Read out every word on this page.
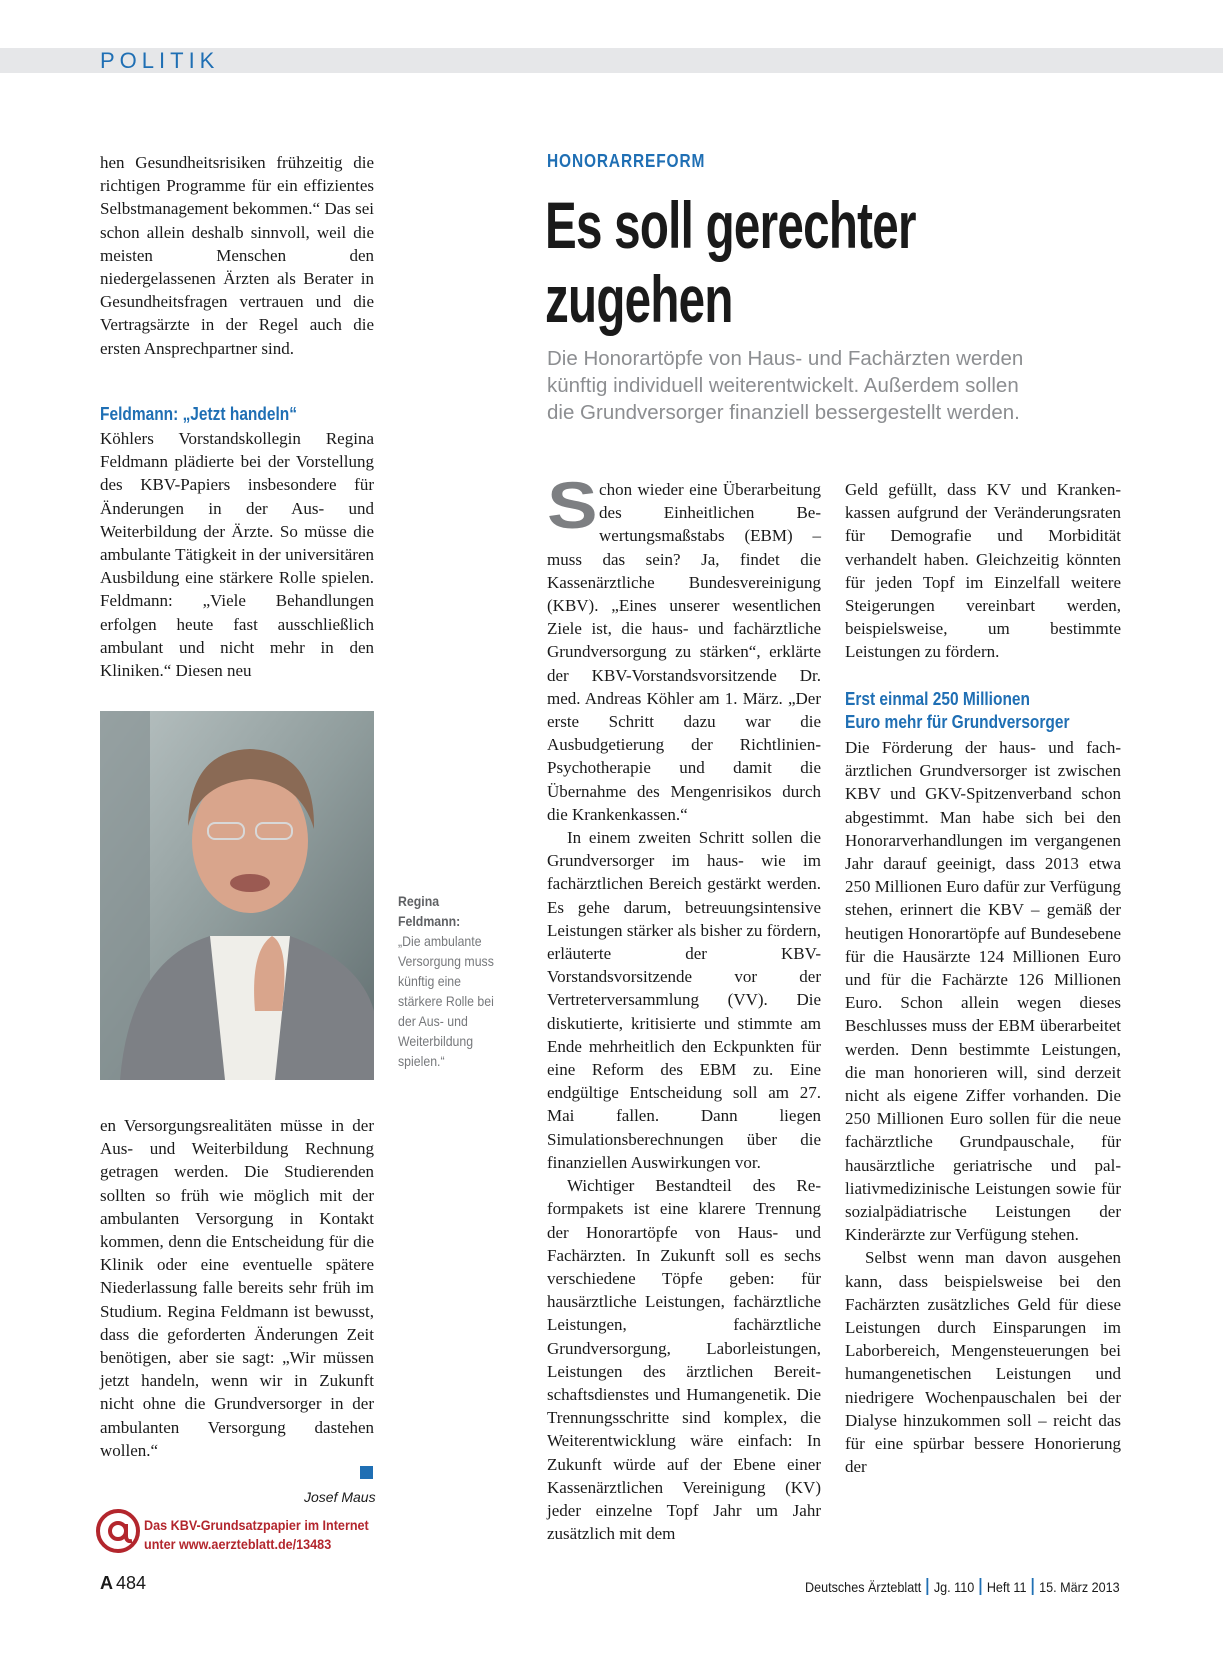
POLITIK

hen Gesundheitsrisiken frühzeitig die richtigen Programme für ein effizientes Selbstmanagement bekommen.“ Das sei schon allein deshalb sinnvoll, weil die meisten Menschen den niedergelassenen Ärzten als Berater in Gesundheitsfragen vertrauen und die Vertragsärzte in der Regel auch die ersten Ansprechpartner sind.

Feldmann: „Jetzt handeln“

Köhlers Vorstandskollegin Regina Feldmann plädierte bei der Vorstellung des KBV-Papiers insbesondere für Änderungen in der Aus- und Weiterbildung der Ärzte. So müsse die ambulante Tätigkeit in der universitären Ausbildung eine stärkere Rolle spielen. Feldmann: „Viele Behandlungen erfolgen heute fast ausschließlich ambulant und nicht mehr in den Kliniken.“ Diesen neu

Regina Feldmann:
„Die ambulante Versorgung muss künftig eine stärkere Rolle bei der Aus- und Weiterbildung spielen.“

en Versorgungsrealitäten müsse in der Aus- und Weiterbildung Rechnung getragen werden. Die Studierenden sollten so früh wie möglich mit der ambulanten Versorgung in Kontakt kommen, denn die Entscheidung für die Klinik oder eine eventuelle spätere Niederlassung falle bereits sehr früh im Studium. Regina Feldmann ist bewusst, dass die geforderten Änderungen Zeit benötigen, aber sie sagt: „Wir müssen jetzt handeln, wenn wir in Zukunft nicht ohne die Grundversorger in der ambulanten Versorgung dastehen wollen.“

Josef Maus
Das KBV-Grundsatzpapier im Internet
unter www.aerzteblatt.de/13483
HONORARREFORM
Es soll gerechter
zugehen

Die Honorartöpfe von Haus- und Fachärzten werden
künftig individuell weiterentwickelt. Außerdem sollen
die Grundversorger finanziell bessergestellt werden.

Schon wieder eine Überarbeitung des Einheitlichen Bewertungsmaßstabs (EBM) – muss das sein? Ja, findet die Kassenärztliche Bundesvereinigung (KBV). „Eines unserer wesentlichen Ziele ist, die haus- und fachärztliche Grundversorgung zu stärken“, erklärte der KBV-Vorstandsvorsitzende Dr. med. Andreas Köhler am 1. März. „Der erste Schritt dazu war die Ausbudgetierung der Richtlinien-Psychotherapie und damit die Übernahme des Mengenrisikos durch die Krankenkassen.“

In einem zweiten Schritt sollen die Grundversorger im haus- wie im fachärztlichen Bereich gestärkt werden. Es gehe darum, betreuungsintensive Leistungen stärker als bisher zu fördern, erläuterte der KBV-Vorstandsvorsitzende vor der Vertreterversammlung (VV). Die diskutierte, kritisierte und stimmte am Ende mehrheitlich den Eckpunkten für eine Reform des EBM zu. Eine endgültige Entscheidung soll am 27. Mai fallen. Dann liegen Simulationsberechnungen über die finanziellen Auswirkungen vor.

Wichtiger Bestandteil des Reformpakets ist eine klarere Trennung der Honorartöpfe von Haus- und Fachärzten. In Zukunft soll es sechs verschiedene Töpfe geben: für hausärztliche Leistungen, fachärztliche Leistungen, fachärztliche Grundversorgung, Laborleistungen, Leistungen des ärztlichen Bereitschaftsdienstes und Humangenetik. Die Trennungsschritte sind komplex, die Weiterentwicklung wäre einfach: In Zukunft würde auf der Ebene einer Kassenärztlichen Vereinigung (KV) jeder einzelne Topf Jahr um Jahr zusätzlich mit dem

Geld gefüllt, dass KV und Krankenkassen aufgrund der Veränderungsraten für Demografie und Morbidität verhandelt haben. Gleichzeitig könnten für jeden Topf im Einzelfall weitere Steigerungen vereinbart werden, beispielsweise, um bestimmte Leistungen zu fördern.

Erst einmal 250 Millionen
Euro mehr für Grundversorger

Die Förderung der haus- und fachärztlichen Grundversorger ist zwischen KBV und GKV-Spitzenverband schon abgestimmt. Man habe sich bei den Honorarverhandlungen im vergangenen Jahr darauf geeinigt, dass 2013 etwa 250 Millionen Euro dafür zur Verfügung stehen, erinnert die KBV – gemäß der heutigen Honorartöpfe auf Bundesebene für die Hausärzte 124 Millionen Euro und für die Fachärzte 126 Millionen Euro. Schon allein wegen dieses Beschlusses muss der EBM überarbeitet werden. Denn bestimmte Leistungen, die man honorieren will, sind derzeit nicht als eigene Ziffer vorhanden. Die 250 Millionen Euro sollen für die neue fachärztliche Grundpauschale, für hausärztliche geriatrische und palliativmedizinische Leistungen sowie für sozialpädiatrische Leistungen der Kinderärzte zur Verfügung stehen.

Selbst wenn man davon ausgehen kann, dass beispielsweise bei den Fachärzten zusätzliches Geld für diese Leistungen durch Einsparungen im Laborbereich, Mengensteuerungen bei humangenetischen Leistungen und niedrigere Wochenpauschalen bei der Dialyse hinzukommen soll – reicht das für eine spürbar bessere Honorierung der

A 484	Deutsches Ärzteblatt Jg. 110 Heft 11 15. März 2013
